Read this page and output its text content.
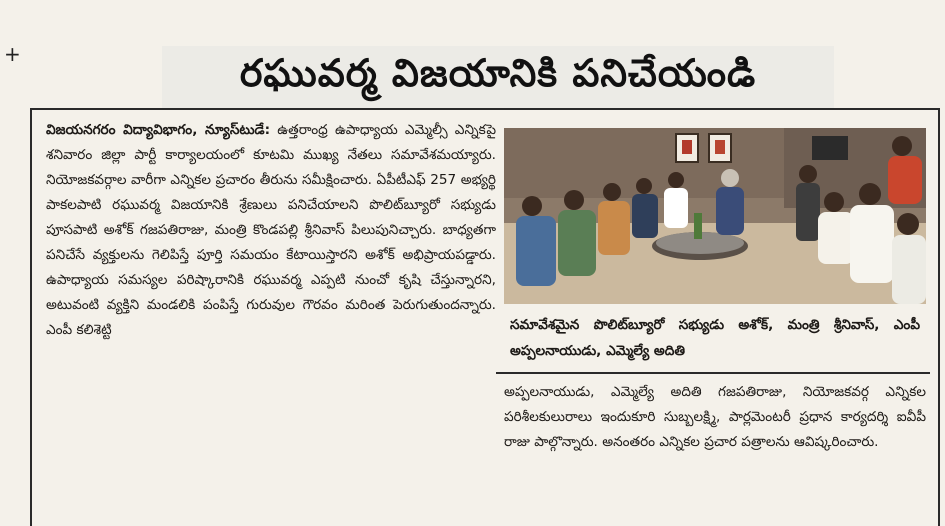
+	రఘువర్మ విజయానికి పనిచేయండి

విజయనగరం విద్యావిభాగం, న్యూస్‌టుడే: ఉత్తరాంధ్ర ఉపాధ్యాయ ఎమ్మెల్సీ ఎన్నికపై శనివారం జిల్లా పార్టీ కార్యాలయంలో కూటమి ముఖ్య నేతలు సమావేశమయ్యారు. నియోజకవర్గాల వారీగా ఎన్నికల ప్రచారం తీరును సమీక్షించారు. ఏపీటీఎఫ్ 257 అభ్యర్థి పాకలపాటి రఘువర్మ విజయానికి శ్రేణులు పనిచేయాలని పొలిట్‌బ్యూరో సభ్యుడు పూసపాటి అశోక్ గజపతిరాజు, మంత్రి కొండపల్లి శ్రీనివాస్ పిలుపునిచ్చారు. బాధ్యతగా పనిచేసే వ్యక్తులను గెలిపిస్తే పూర్తి సమయం కేటాయిస్తారని అశోక్ అభిప్రాయపడ్డారు. ఉపాధ్యాయ సమస్యల పరిష్కారానికి రఘువర్మ ఎప్పటి నుంచో కృషి చేస్తున్నారని, అటువంటి వ్యక్తిని మండలికి పంపిస్తే గురువుల గౌరవం మరింత పెరుగుతుందన్నారు. ఎంపీ కలిశెట్టి	సమావేశమైన పొలిట్‌బ్యూరో సభ్యుడు అశోక్, మంత్రి శ్రీనివాస్, ఎంపీ అప్పలనాయుడు, ఎమ్మెల్యే అదితి

అప్పలనాయుడు, ఎమ్మెల్యే అదితి గజపతిరాజు, నియోజకవర్గ ఎన్నికల పరిశీలకులురాలు ఇందుకూరి సుబ్బలక్ష్మి, పార్లమెంటరీ ప్రధాన కార్యదర్శి ఐవీపీ రాజు పాల్గొన్నారు. అనంతరం ఎన్నికల ప్రచార పత్రాలను ఆవిష్కరించారు.
